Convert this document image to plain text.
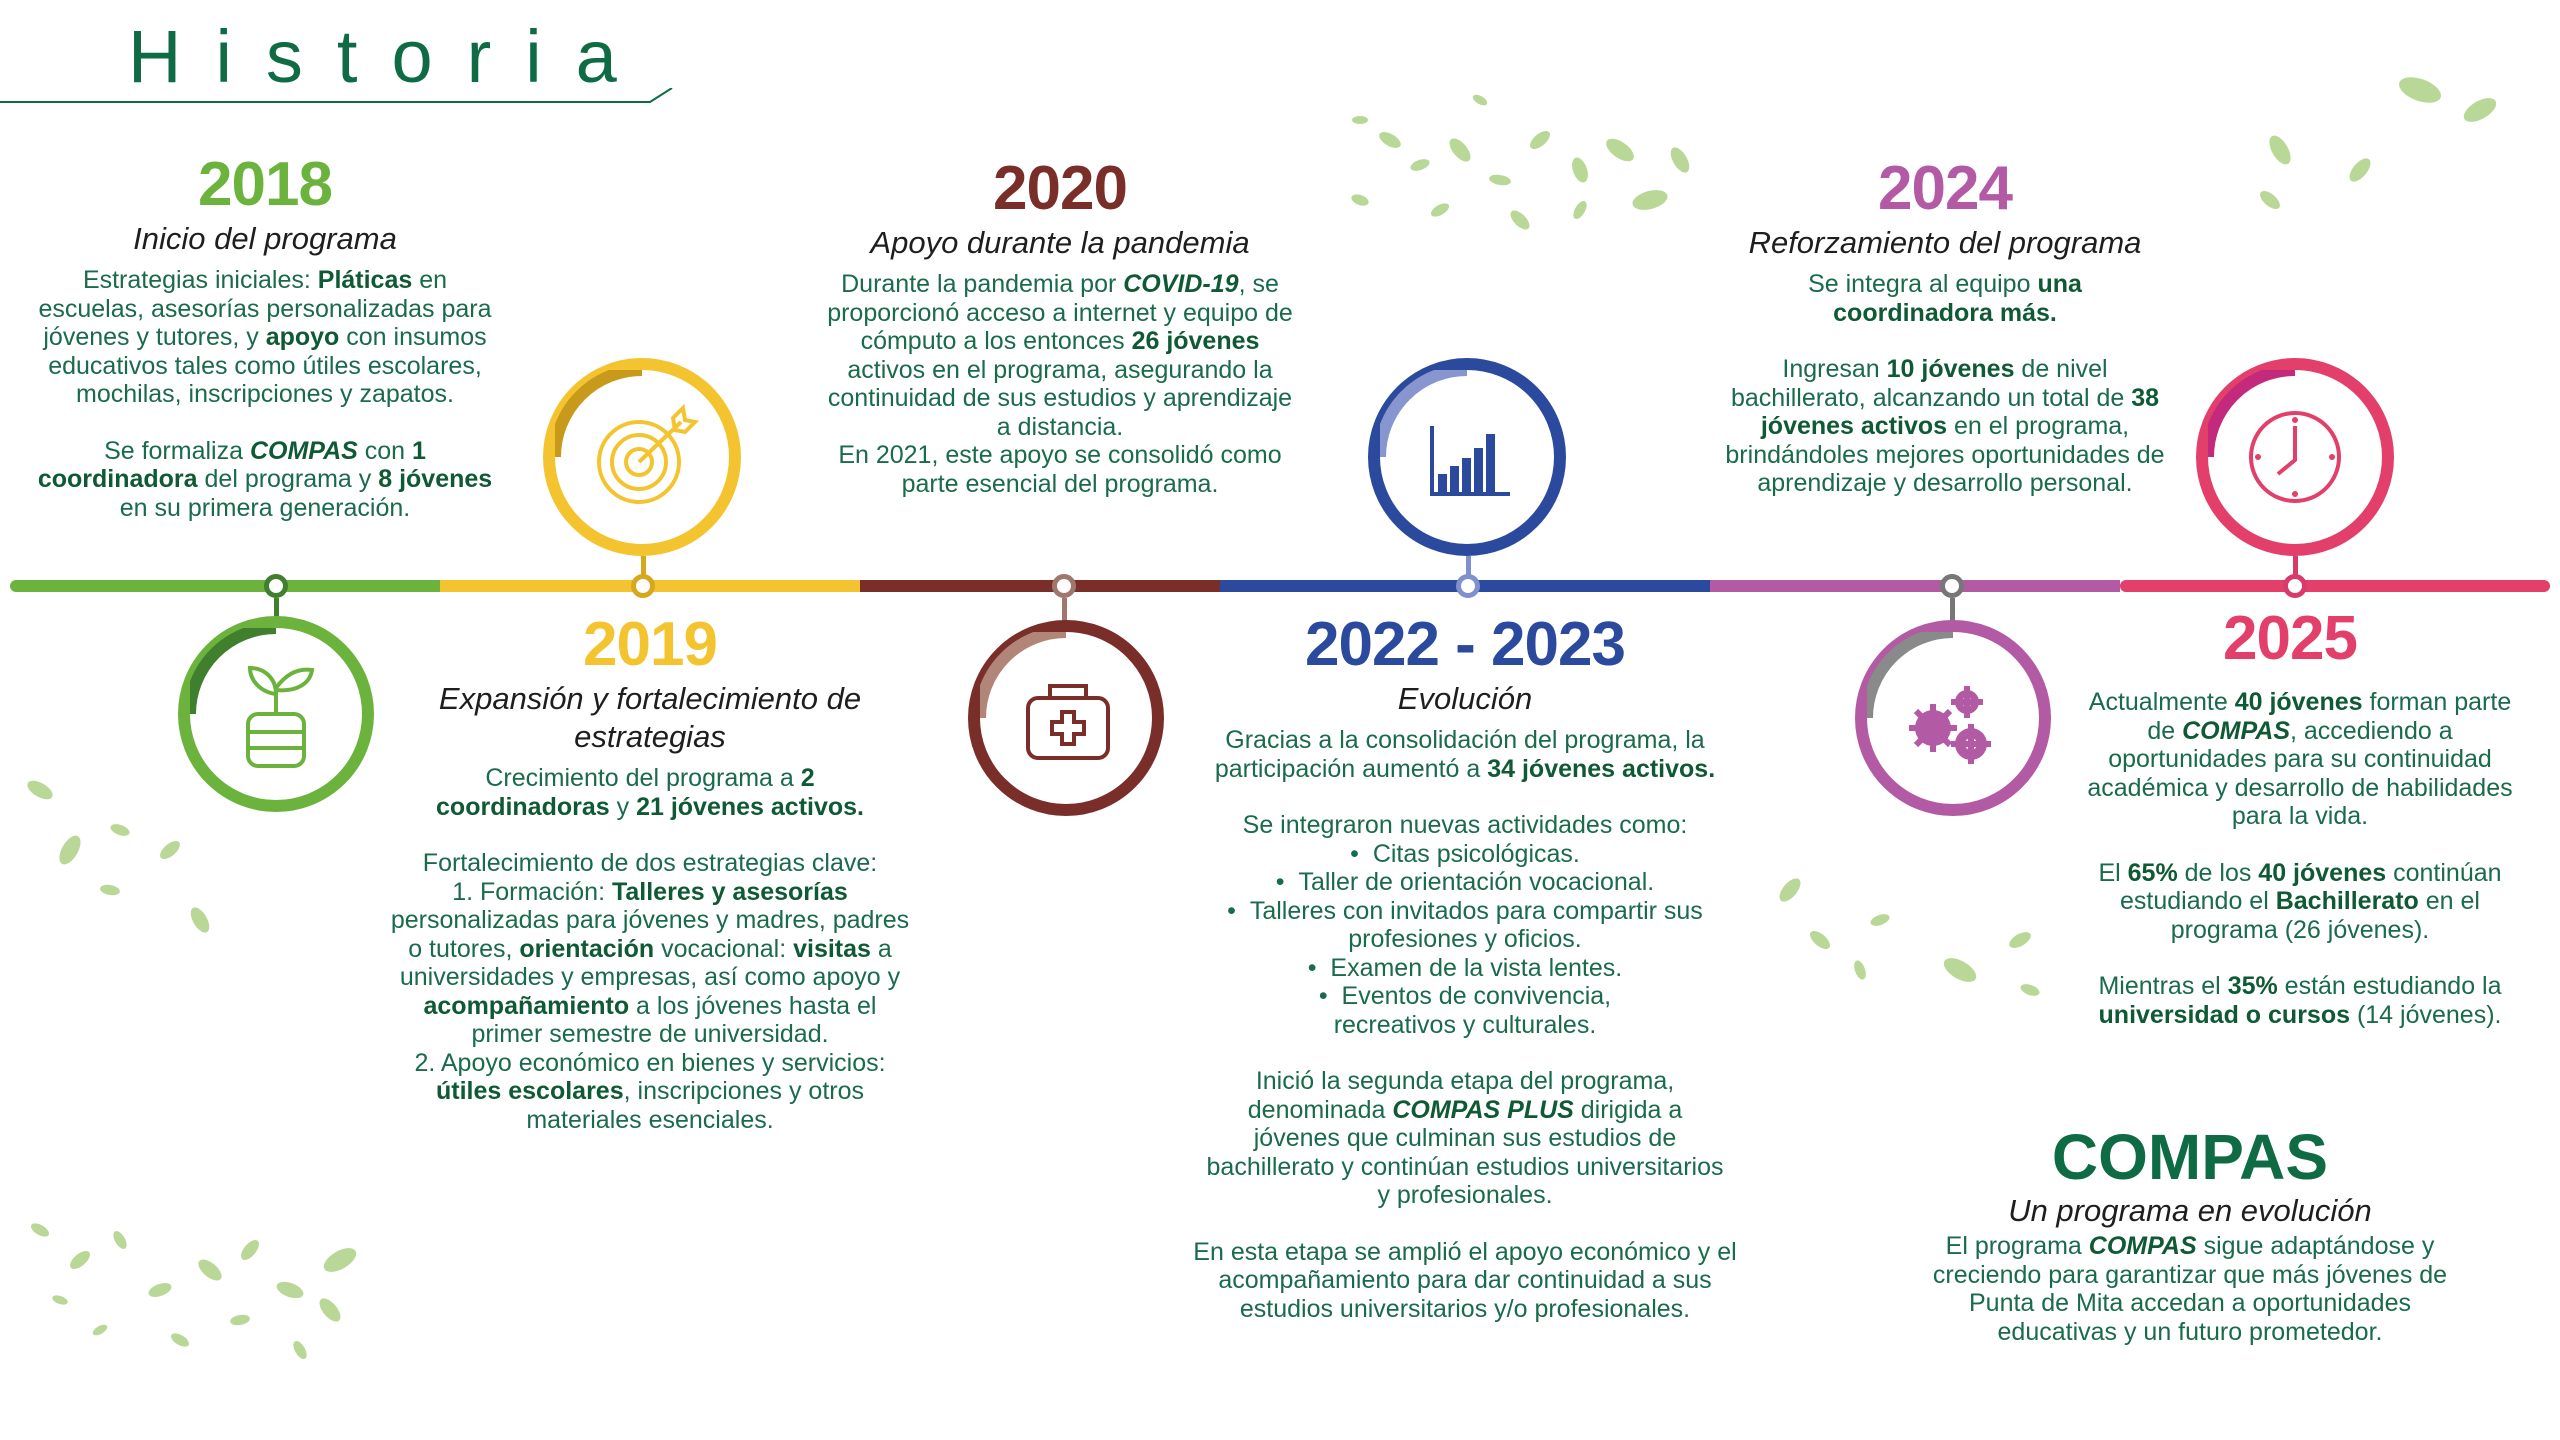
Historia
2018
Inicio del programa

Estrategias iniciales: Pláticas en escuelas, asesorías personalizadas para jóvenes y tutores, y apoyo con insumos educativos tales como útiles escolares, mochilas, inscripciones y zapatos.

Se formaliza COMPAS con 1 coordinadora del programa y 8 jóvenes en su primera generación.

2019
Expansión y fortalecimiento de estrategias

Crecimiento del programa a 2 coordinadoras y 21 jóvenes activos.

Fortalecimiento de dos estrategias clave:

1. Formación: Talleres y asesorías personalizadas para jóvenes y madres, padres o tutores, orientación vocacional: visitas a universidades y empresas, así como apoyo y acompañamiento a los jóvenes hasta el primer semestre de universidad.

2. Apoyo económico en bienes y servicios: útiles escolares, inscripciones y otros materiales esenciales.

2020
Apoyo durante la pandemia

Durante la pandemia por COVID-19, se proporcionó acceso a internet y equipo de cómputo a los entonces 26 jóvenes activos en el programa, asegurando la continuidad de sus estudios y aprendizaje a distancia.

En 2021, este apoyo se consolidó como parte esencial del programa.

2022 - 2023
Evolución

Gracias a la consolidación del programa, la participación aumentó a 34 jóvenes activos.

Se integraron nuevas actividades como:

•  Citas psicológicas.

•  Taller de orientación vocacional.

•  Talleres con invitados para compartir sus profesiones y oficios.

•  Examen de la vista lentes.

•  Eventos de convivencia, recreativos y culturales.

Inició la segunda etapa del programa, denominada COMPAS PLUS dirigida a jóvenes que culminan sus estudios de bachillerato y continúan estudios universitarios y profesionales.

En esta etapa se amplió el apoyo económico y el acompañamiento para dar continuidad a sus estudios universitarios y/o profesionales.

2024
Reforzamiento del programa

Se integra al equipo una coordinadora más.

Ingresan 10 jóvenes de nivel bachillerato, alcanzando un total de 38 jóvenes activos en el programa, brindándoles mejores oportunidades de aprendizaje y desarrollo personal.

2025

Actualmente 40 jóvenes forman parte de COMPAS, accediendo a oportunidades para su continuidad académica y desarrollo de habilidades para la vida.

El 65% de los 40 jóvenes continúan estudiando el Bachillerato en el programa (26 jóvenes).

Mientras el 35% están estudiando la universidad o cursos (14 jóvenes).

COMPAS
Un programa en evolución

El programa COMPAS sigue adaptándose y creciendo para garantizar que más jóvenes de Punta de Mita accedan a oportunidades educativas y un futuro prometedor.
